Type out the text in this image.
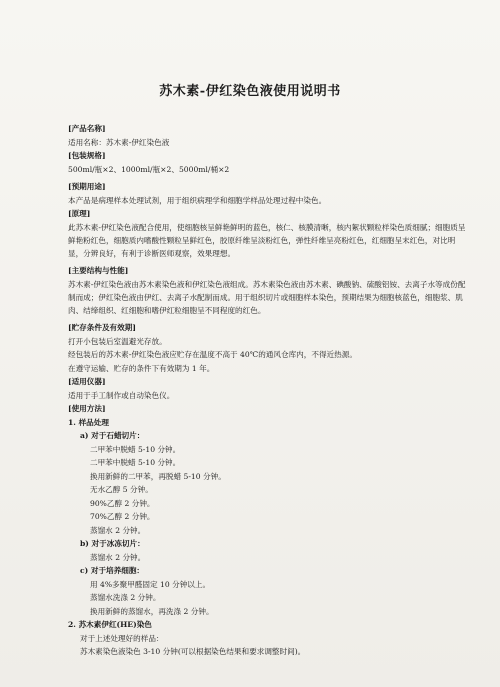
苏木素-伊红染色液使用说明书
[产品名称]
适用名称：苏木素-伊红染色液
[包装规格]
500ml/瓶×2、1000ml/瓶×2、5000ml/桶×2
[预期用途]
本产品是病理样本处理试剂，用于组织病理学和细胞学样品处理过程中染色。
[原理]
此苏木素-伊红染色液配合使用，使细胞核呈鲜艳鲜明的蓝色，核仁、核膜清晰，核内絮状颗粒样染色质细腻；细胞质呈鲜艳粉红色，细胞质内嗜酸性颗粒呈鲜红色，胶原纤维呈淡粉红色，弹性纤维呈亮粉红色，红细胞呈末红色，对比明显，分辨良好，有利于诊断医师观察，效果理想。
[主要结构与性能]
苏木素-伊红染色液由苏木素染色液和伊红染色液组成。苏木素染色液由苏木素、碘酸钠、硫酸铝铵、去离子水等成份配制而成；伊红染色液由伊红、去离子水配制而成。用于组织切片或细胞样本染色，预期结果为细胞核蓝色，细胞浆、肌肉、结缔组织、红细胞和嗜伊红粒细胞呈不同程度的红色。
[贮存条件及有效期]
打开小包装后室温避光存放。
经包装后的苏木素-伊红染色液应贮存在温度不高于 40℃的通风仓库内，不得近热源。
在遵守运输、贮存的条件下有效期为 1 年。
[适用仪器]
适用于手工制作或自动染色仪。
[使用方法]
1. 样品处理
a) 对于石蜡切片：
二甲苯中脱蜡 5-10 分钟。
二甲苯中脱蜡 5-10 分钟。
换用新鲜的二甲苯，再脱蜡 5-10 分钟。
无水乙醇 5 分钟。
90%乙醇 2 分钟。
70%乙醇 2 分钟。
蒸馏水 2 分钟。
b) 对于冰冻切片：
蒸馏水 2 分钟。
c) 对于培养细胞：
用 4%多聚甲醛固定 10 分钟以上。
蒸馏水洗涤 2 分钟。
换用新鲜的蒸馏水，再洗涤 2 分钟。
2. 苏木素伊红(HE)染色
对于上述处理好的样品：
苏木素染色液染色 3-10 分钟(可以根据染色结果和要求调整时间)。
